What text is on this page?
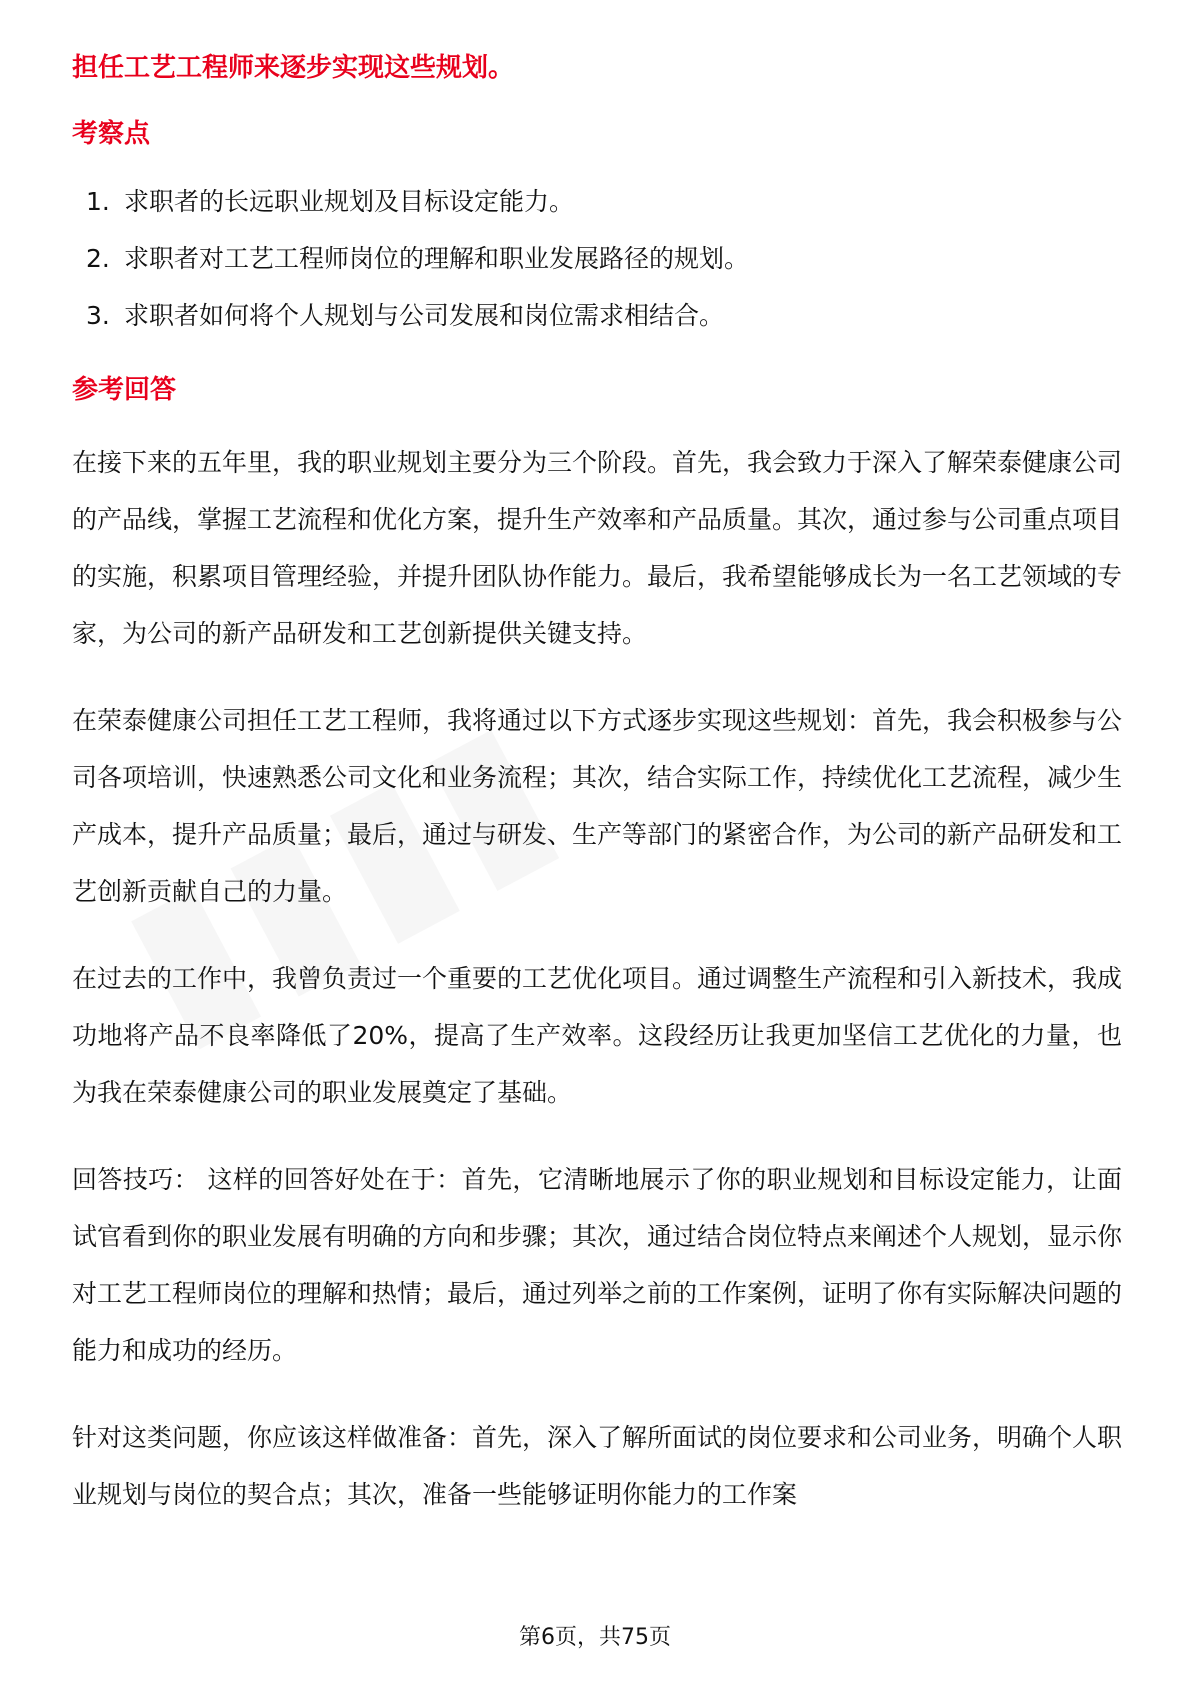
担任工艺工程师来逐步实现这些规划。

考察点

1. 求职者的长远职业规划及目标设定能力。
2. 求职者对工艺工程师岗位的理解和职业发展路径的规划。
3. 求职者如何将个人规划与公司发展和岗位需求相结合。

参考回答

在接下来的五年里，我的职业规划主要分为三个阶段。首先，我会致力于深入了解荣泰健康公司的产品线，掌握工艺流程和优化方案，提升生产效率和产品质量。其次，通过参与公司重点项目的实施，积累项目管理经验，并提升团队协作能力。最后，我希望能够成长为一名工艺领域的专家，为公司的新产品研发和工艺创新提供关键支持。

在荣泰健康公司担任工艺工程师，我将通过以下方式逐步实现这些规划：首先，我会积极参与公司各项培训，快速熟悉公司文化和业务流程；其次，结合实际工作，持续优化工艺流程，减少生产成本，提升产品质量；最后，通过与研发、生产等部门的紧密合作，为公司的新产品研发和工艺创新贡献自己的力量。

在过去的工作中，我曾负责过一个重要的工艺优化项目。通过调整生产流程和引入新技术，我成功地将产品不良率降低了20%，提高了生产效率。这段经历让我更加坚信工艺优化的力量，也为我在荣泰健康公司的职业发展奠定了基础。

回答技巧： 这样的回答好处在于：首先，它清晰地展示了你的职业规划和目标设定能力，让面试官看到你的职业发展有明确的方向和步骤；其次，通过结合岗位特点来阐述个人规划，显示你对工艺工程师岗位的理解和热情；最后，通过列举之前的工作案例，证明了你有实际解决问题的能力和成功的经历。

针对这类问题，你应该这样做准备：首先，深入了解所面试的岗位要求和公司业务，明确个人职业规划与岗位的契合点；其次，准备一些能够证明你能力的工作案

第6页，共75页
